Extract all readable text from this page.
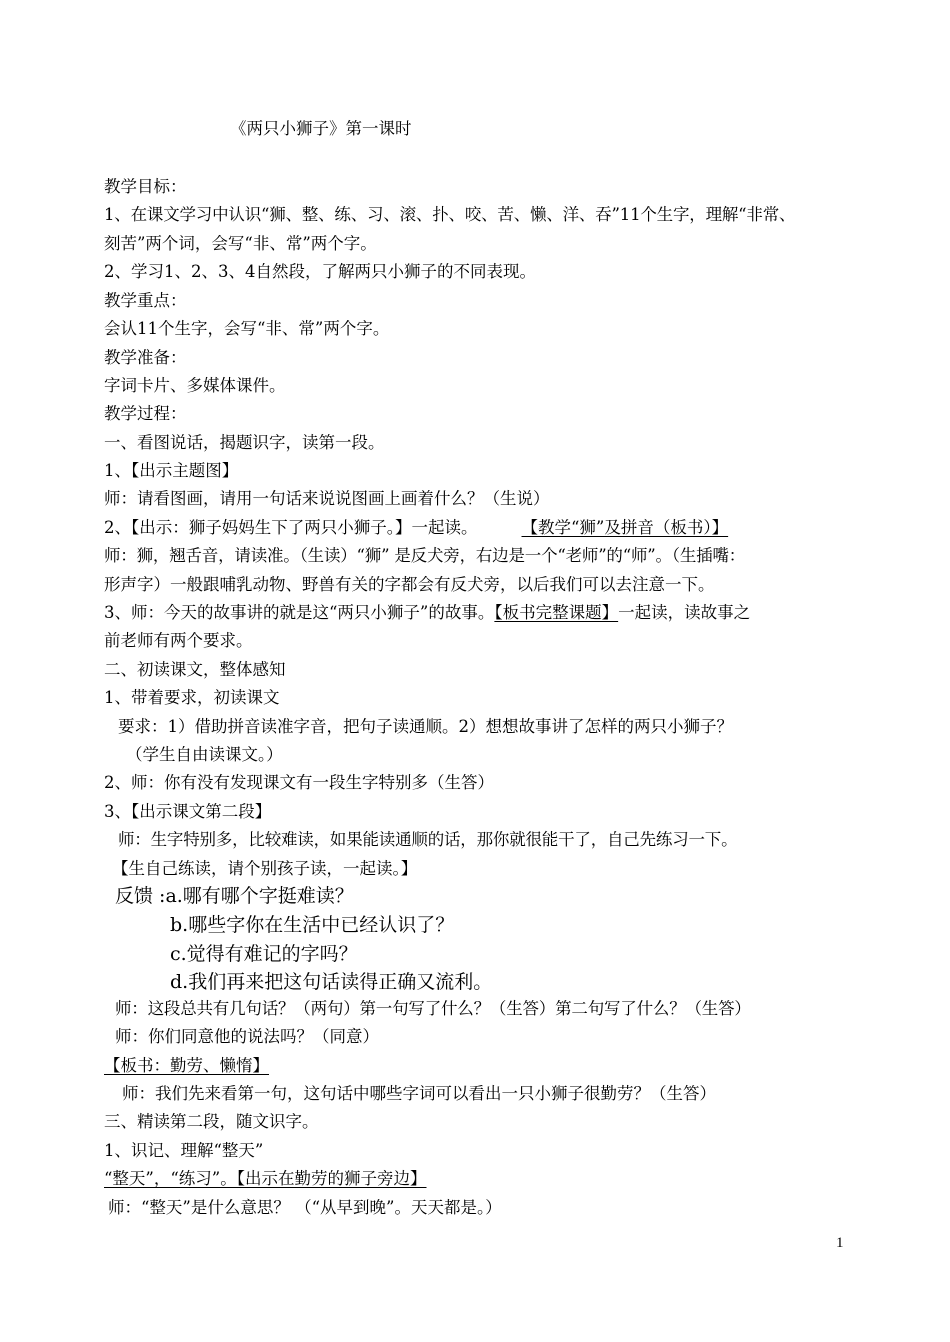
《两只小狮子》第一课时
教学目标：
1、在课文学习中认识“狮、整、练、习、滚、扑、咬、苦、懒、洋、吞”11个生字，理解“非常、
刻苦”两个词，会写“非、常”两个字。
2、学习1、2、3、4自然段，了解两只小狮子的不同表现。
教学重点：
会认11个生字，会写“非、常”两个字。
教学准备：
字词卡片、多媒体课件。
教学过程：
一、看图说话，揭题识字，读第一段。
1、【出示主题图】
师：请看图画，请用一句话来说说图画上画着什么？（生说）
2、【出示：狮子妈妈生下了两只小狮子。】一起读。	【教学“狮”及拼音（板书）】
师：狮，翘舌音，请读准。（生读）“狮” 是反犬旁，右边是一个“老师”的“师”。（生插嘴：
形声字）一般跟哺乳动物、野兽有关的字都会有反犬旁，以后我们可以去注意一下。
3、师：今天的故事讲的就是这“两只小狮子”的故事。【板书完整课题】一起读，读故事之
前老师有两个要求。
二、初读课文，整体感知
1、带着要求，初读课文
要求：1）借助拼音读准字音，把句子读通顺。2）想想故事讲了怎样的两只小狮子？
（学生自由读课文。）
2、师：你有没有发现课文有一段生字特别多（生答）
3、【出示课文第二段】
师：生字特别多，比较难读，如果能读通顺的话，那你就很能干了，自己先练习一下。
【生自己练读，请个别孩子读，一起读。】
反馈 :a.哪有哪个字挺难读？
b.哪些字你在生活中已经认识了？
c.觉得有难记的字吗？
d.我们再来把这句话读得正确又流利。
师：这段总共有几句话？（两句）第一句写了什么？（生答）第二句写了什么？（生答）
师：你们同意他的说法吗？（同意）
【板书：勤劳、懒惰】
师：我们先来看第一句，这句话中哪些字词可以看出一只小狮子很勤劳？（生答）
三、精读第二段，随文识字。
1、识记、理解“整天”
“整天”，“练习”。【出示在勤劳的狮子旁边】
师：“整天”是什么意思？ （“从早到晚”。天天都是。）
1
